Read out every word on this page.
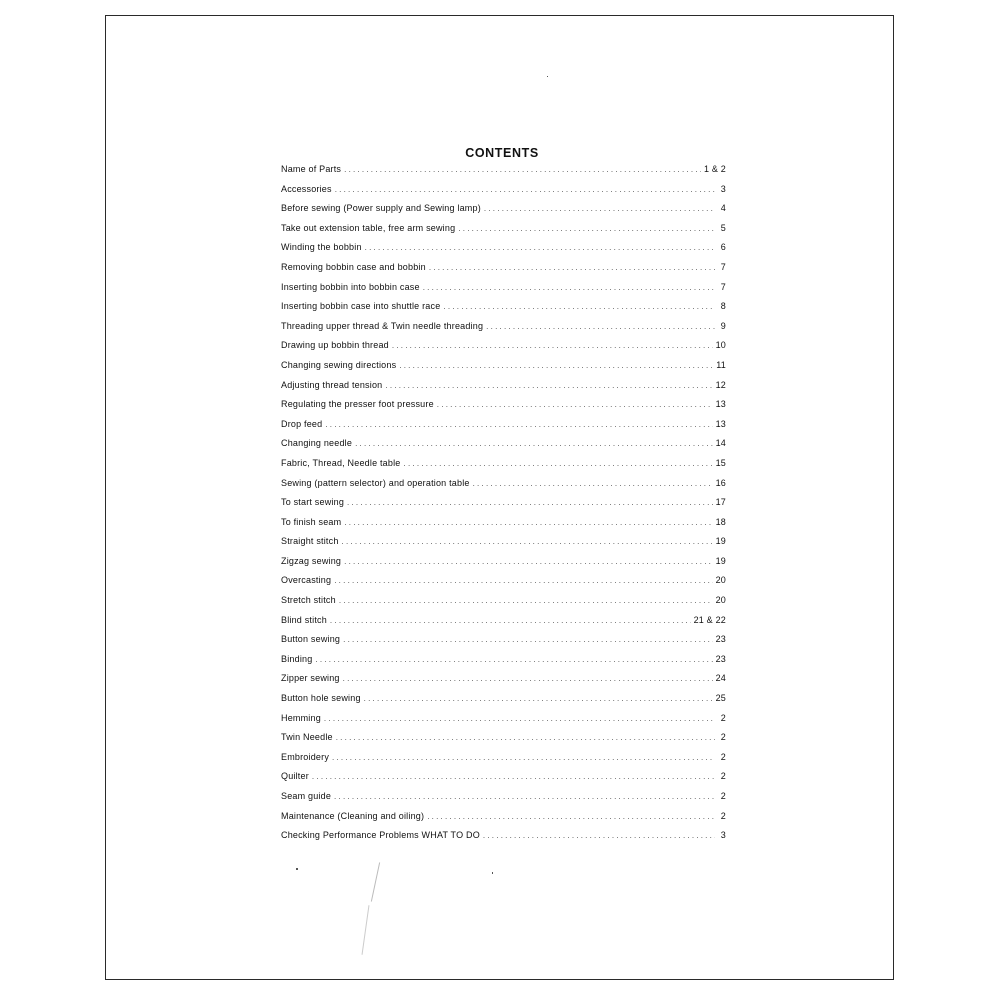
CONTENTS
Name of Parts . . .	1 & 2
Accessories . . .	3
Before sewing (Power supply and Sewing lamp) . . .	4
Take out extension table, free arm sewing . . .	5
Winding the bobbin . . .	6
Removing bobbin case and bobbin . . .	7
Inserting bobbin into bobbin case . . .	7
Inserting bobbin case into shuttle race . . .	8
Threading upper thread & Twin needle threading . . .	9
Drawing up bobbin thread . . .	10
Changing sewing directions . . .	11
Adjusting thread tension . . .	12
Regulating the presser foot pressure . . .	13
Drop feed . . .	13
Changing needle . . .	14
Fabric, Thread, Needle table . . .	15
Sewing (pattern selector) and operation table . . .	16
To start sewing . . .	17
To finish seam . . .	18
Straight stitch . . .	19
Zigzag sewing . . .	19
Overcasting . . .	20
Stretch stitch . . .	20
Blind stitch . . .	21 & 22
Button sewing . . .	23
Binding . . .	23
Zipper sewing . . .	24
Button hole sewing . . .	25
Hemming . . .	2
Twin Needle . . .	2
Embroidery . . .	2
Quilter . . .	2
Seam guide . . .	2
Maintenance (Cleaning and oiling) . . .	2
Checking Performance Problems WHAT TO DO . . .	3
